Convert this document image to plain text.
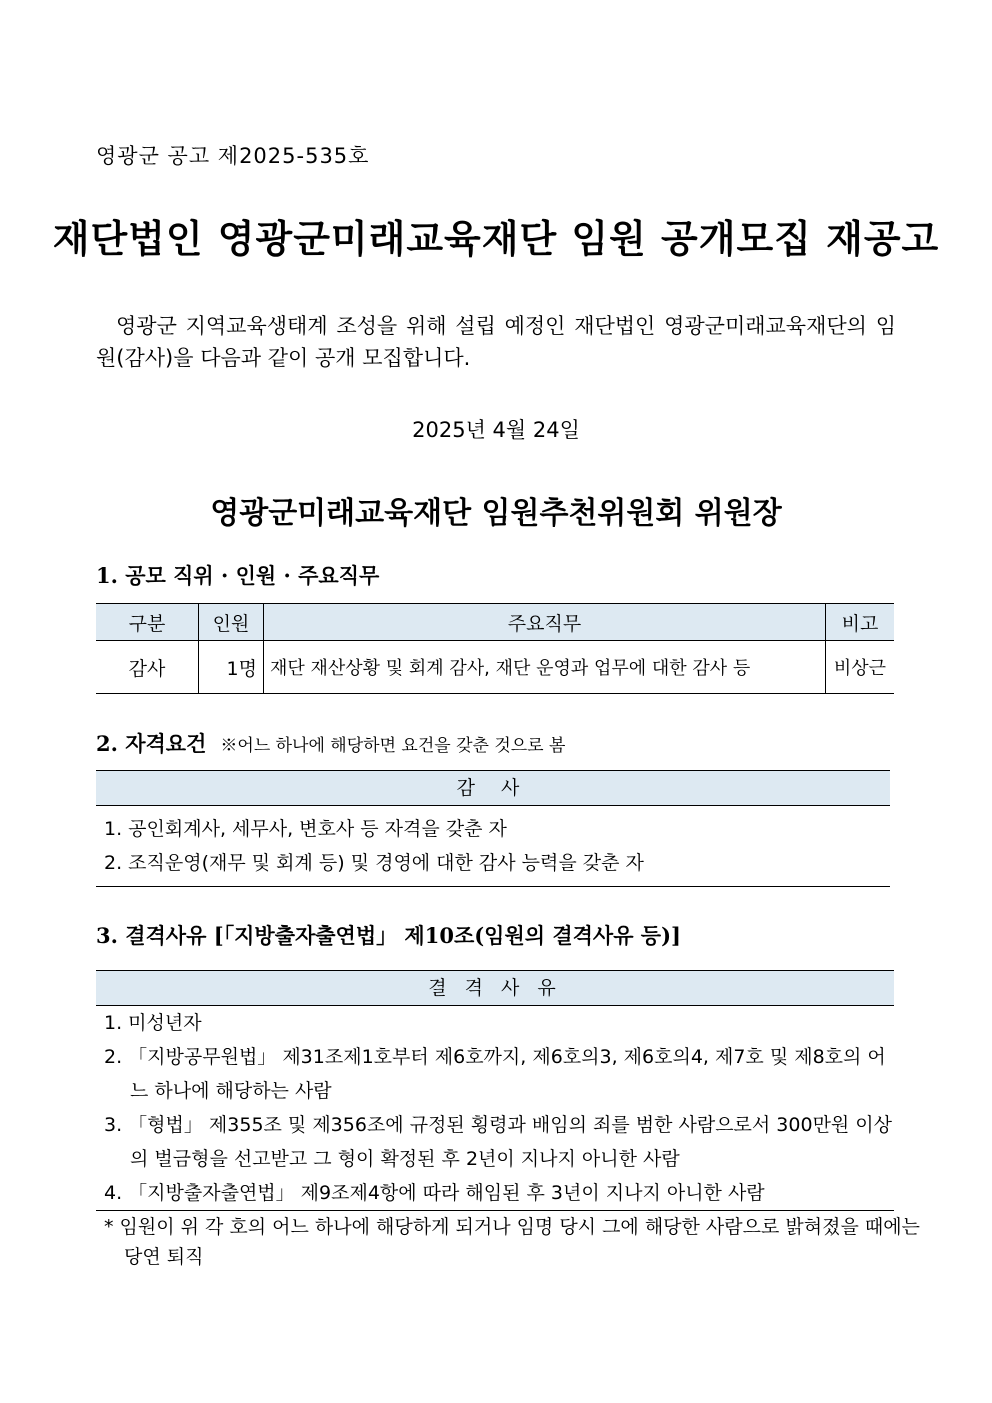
영광군 공고 제2025-535호
재단법인 영광군미래교육재단 임원 공개모집 재공고
영광군 지역교육생태계 조성을 위해 설립 예정인 재단법인 영광군미래교육재단의 임원(감사)을 다음과 같이 공개 모집합니다.
2025년 4월 24일
영광군미래교육재단 임원추천위원회 위원장
1. 공모 직위 · 인원 · 주요직무
구분	인원	주요직무	비고
감사	1명	재단 재산상황 및 회계 감사, 재단 운영과 업무에 대한 감사 등	비상근
2. 자격요건 ※어느 하나에 해당하면 요건을 갖춘 것으로 봄
감 사
1. 공인회계사, 세무사, 변호사 등 자격을 갖춘 자
2. 조직운영(재무 및 회계 등) 및 경영에 대한 감사 능력을 갖춘 자
3. 결격사유 [「지방출자출연법」 제10조(임원의 결격사유 등)]
결 격 사 유
1. 미성년자
2. 「지방공무원법」 제31조제1호부터 제6호까지, 제6호의3, 제6호의4, 제7호 및 제8호의 어느 하나에 해당하는 사람
3. 「형법」 제355조 및 제356조에 규정된 횡령과 배임의 죄를 범한 사람으로서 300만원 이상의 벌금형을 선고받고 그 형이 확정된 후 2년이 지나지 아니한 사람
4. 「지방출자출연법」 제9조제4항에 따라 해임된 후 3년이 지나지 아니한 사람
* 임원이 위 각 호의 어느 하나에 해당하게 되거나 임명 당시 그에 해당한 사람으로 밝혀졌을 때에는 당연 퇴직
